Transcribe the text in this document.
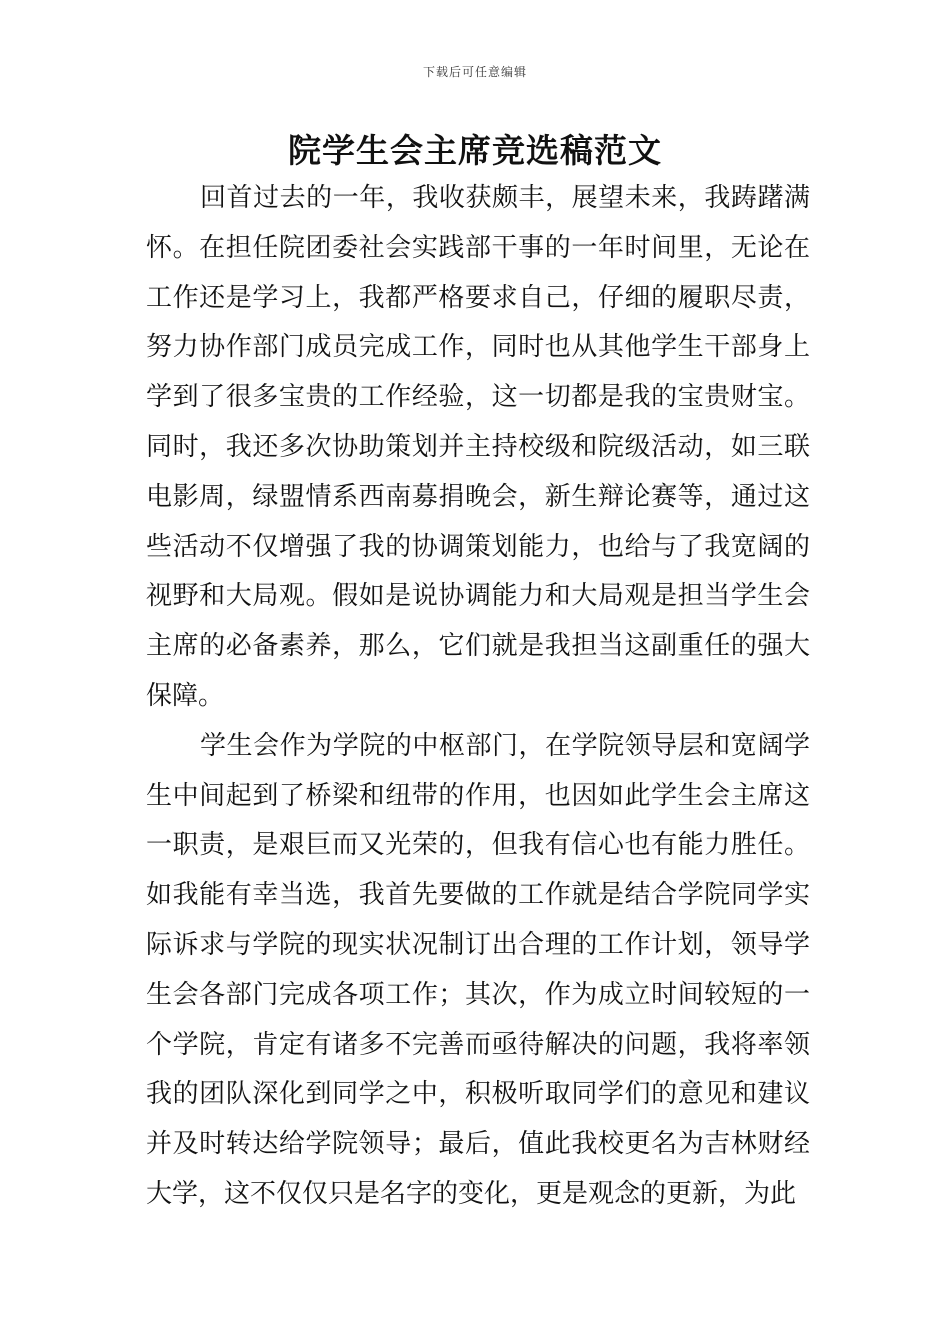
下载后可任意编辑
院学生会主席竞选稿范文

回首过去的一年，我收获颇丰，展望未来，我踌躇满怀。在担任院团委社会实践部干事的一年时间里，无论在工作还是学习上，我都严格要求自己，仔细的履职尽责，努力协作部门成员完成工作，同时也从其他学生干部身上学到了很多宝贵的工作经验，这一切都是我的宝贵财宝。同时，我还多次协助策划并主持校级和院级活动，如三联电影周，绿盟情系西南募捐晚会，新生辩论赛等，通过这些活动不仅增强了我的协调策划能力，也给与了我宽阔的视野和大局观。假如是说协调能力和大局观是担当学生会主席的必备素养，那么，它们就是我担当这副重任的强大保障。

学生会作为学院的中枢部门，在学院领导层和宽阔学生中间起到了桥梁和纽带的作用，也因如此学生会主席这一职责，是艰巨而又光荣的，但我有信心也有能力胜任。如我能有幸当选，我首先要做的工作就是结合学院同学实际诉求与学院的现实状况制订出合理的工作计划，领导学生会各部门完成各项工作；其次，作为成立时间较短的一个学院，肯定有诸多不完善而亟待解决的问题，我将率领我的团队深化到同学之中，积极听取同学们的意见和建议并及时转达给学院领导；最后，值此我校更名为吉林财经大学，这不仅仅只是名字的变化，更是观念的更新，为此
